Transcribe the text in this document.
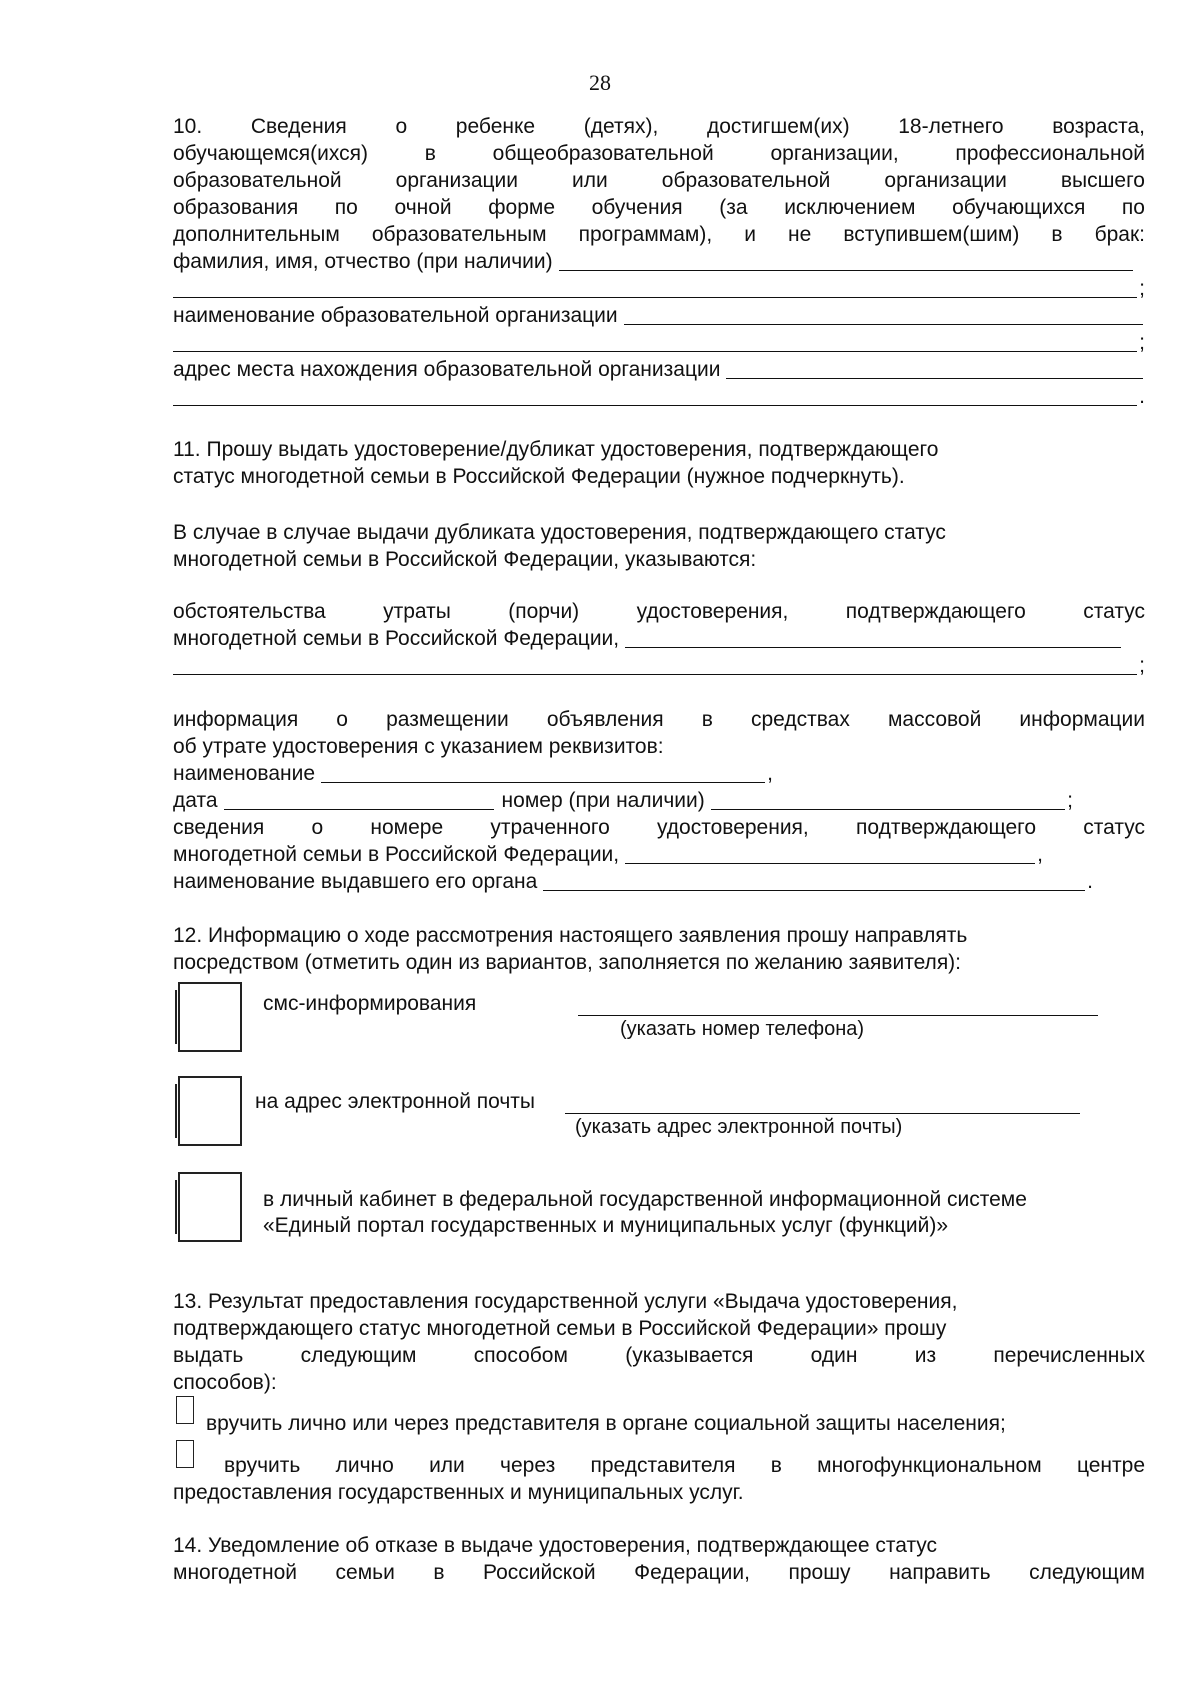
28
10. Сведения о ребенке (детях), достигшем(их) 18-летнего возраста,
обучающемся(ихся) в общеобразовательной организации, профессиональной
образовательной организации или образовательной организации высшего
образования по очной форме обучения (за исключением обучающихся по
дополнительным образовательным программам), и не вступившем(шим) в брак:
фамилия, имя, отчество (при наличии)
;
наименование образовательной организации
;
адрес места нахождения образовательной организации
.
11. Прошу выдать удостоверение/дубликат удостоверения, подтверждающего
статус многодетной семьи в Российской Федерации (нужное подчеркнуть).
В случае в случае выдачи дубликата удостоверения, подтверждающего статус
многодетной семьи в Российской Федерации, указываются:
обстоятельства утраты (порчи) удостоверения, подтверждающего статус
многодетной семьи в Российской Федерации,
;
информация о размещении объявления в средствах массовой информации
об утрате удостоверения с указанием реквизитов:
наименование	,
дата	номер (при наличии)	;
сведения о номере утраченного удостоверения, подтверждающего статус
многодетной семьи в Российской Федерации,	,
наименование выдавшего его органа	.
12. Информацию о ходе рассмотрения настоящего заявления прошу направлять
посредством (отметить один из вариантов, заполняется по желанию заявителя):
смс-информирования
(указать номер телефона)
на адрес электронной почты
(указать адрес электронной почты)
в личный кабинет в федеральной государственной информационной системе
«Единый портал государственных и муниципальных услуг (функций)»
13. Результат предоставления государственной услуги «Выдача удостоверения,
подтверждающего статус многодетной семьи в Российской Федерации» прошу
выдать следующим способом (указывается один из перечисленных
способов):
вручить лично или через представителя в органе социальной защиты населения;
вручить лично или через представителя в многофункциональном центре
предоставления государственных и муниципальных услуг.
14. Уведомление об отказе в выдаче удостоверения, подтверждающее статус
многодетной семьи в Российской Федерации, прошу направить следующим
